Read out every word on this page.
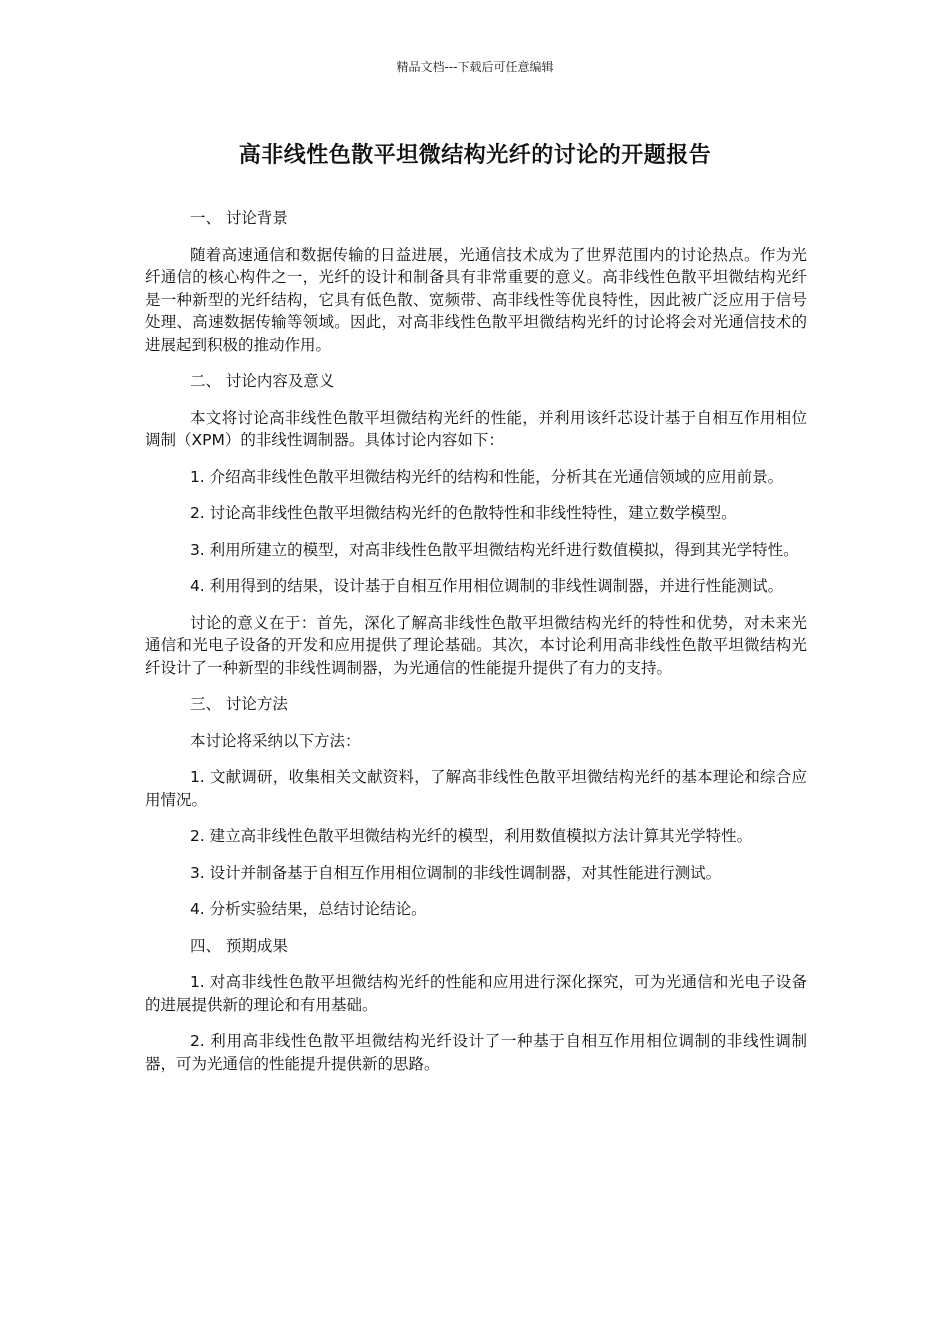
精品文档---下载后可任意编辑
高非线性色散平坦微结构光纤的讨论的开题报告

一、 讨论背景

随着高速通信和数据传输的日益进展，光通信技术成为了世界范围内的讨论热点。作为光纤通信的核心构件之一，光纤的设计和制备具有非常重要的意义。高非线性色散平坦微结构光纤是一种新型的光纤结构，它具有低色散、宽频带、高非线性等优良特性，因此被广泛应用于信号处理、高速数据传输等领域。因此，对高非线性色散平坦微结构光纤的讨论将会对光通信技术的进展起到积极的推动作用。

二、 讨论内容及意义

本文将讨论高非线性色散平坦微结构光纤的性能，并利用该纤芯设计基于自相互作用相位调制（XPM）的非线性调制器。具体讨论内容如下：

1. 介绍高非线性色散平坦微结构光纤的结构和性能，分析其在光通信领域的应用前景。

2. 讨论高非线性色散平坦微结构光纤的色散特性和非线性特性，建立数学模型。

3. 利用所建立的模型，对高非线性色散平坦微结构光纤进行数值模拟，得到其光学特性。

4. 利用得到的结果，设计基于自相互作用相位调制的非线性调制器，并进行性能测试。

讨论的意义在于：首先，深化了解高非线性色散平坦微结构光纤的特性和优势，对未来光通信和光电子设备的开发和应用提供了理论基础。其次，本讨论利用高非线性色散平坦微结构光纤设计了一种新型的非线性调制器，为光通信的性能提升提供了有力的支持。

三、 讨论方法

本讨论将采纳以下方法：

1. 文献调研，收集相关文献资料，了解高非线性色散平坦微结构光纤的基本理论和综合应用情况。

2. 建立高非线性色散平坦微结构光纤的模型，利用数值模拟方法计算其光学特性。

3. 设计并制备基于自相互作用相位调制的非线性调制器，对其性能进行测试。

4. 分析实验结果，总结讨论结论。

四、 预期成果

1. 对高非线性色散平坦微结构光纤的性能和应用进行深化探究，可为光通信和光电子设备的进展提供新的理论和有用基础。

2. 利用高非线性色散平坦微结构光纤设计了一种基于自相互作用相位调制的非线性调制器，可为光通信的性能提升提供新的思路。
